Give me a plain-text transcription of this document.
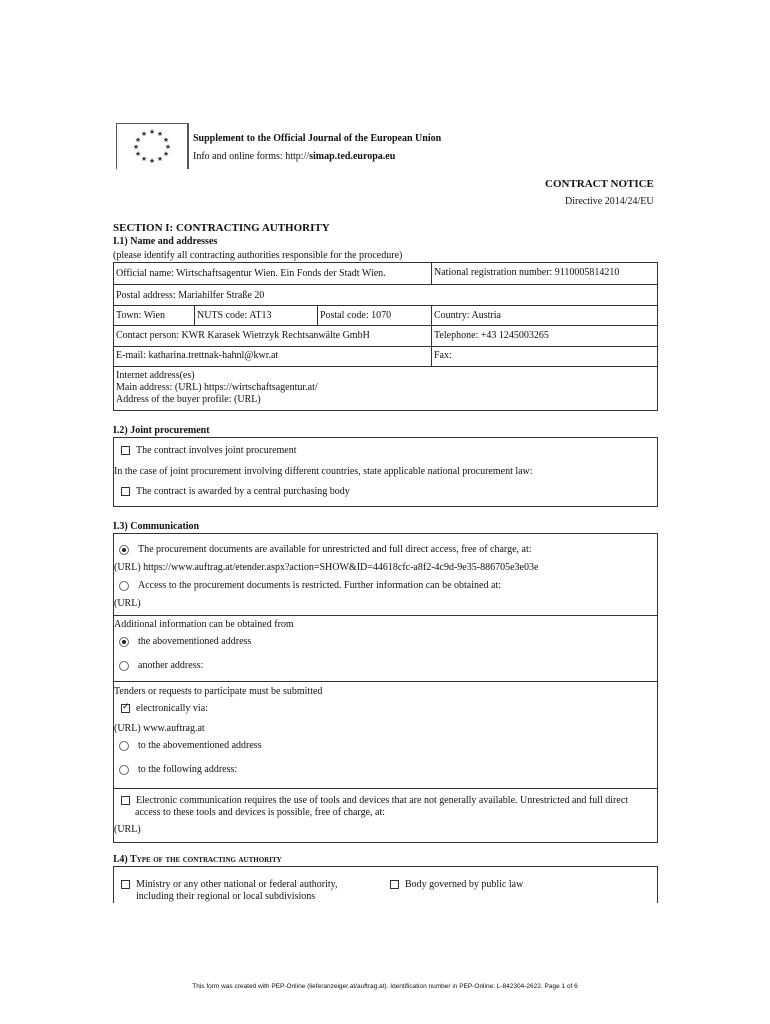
★ ★
★
★
★
★
★
★
★
★
★
★	Supplement to the Official Journal of the European Union
Info and online forms: http://simap.ted.europa.eu
CONTRACT NOTICE
Directive 2014/24/EU
SECTION I: CONTRACTING AUTHORITY
I.1) Name and addresses
(please identify all contracting authorities responsible for the procedure)
Official name: Wirtschaftsagentur Wien. Ein Fonds der Stadt Wien.	National registration number: 9110005814210
Postal address: Mariahilfer Straße 20
Town: Wien	NUTS code: AT13	Postal code: 1070	Country: Austria
Contact person: KWR Karasek Wietrzyk Rechtsanwälte GmbH	Telephone: +43 1245003265
E-mail: katharina.trettnak-hahnl@kwr.at	Fax:
Internet address(es)
Main address: (URL) https://wirtschaftsagentur.at/
Address of the buyer profile: (URL)
I.2) Joint procurement
The contract involves joint procurement
In the case of joint procurement involving different countries, state applicable national procurement law:
The contract is awarded by a central purchasing body
I.3) Communication
The procurement documents are available for unrestricted and full direct access, free of charge, at:
(URL) https://www.auftrag.at/etender.aspx?action=SHOW&ID=44618cfc-a8f2-4c9d-9e35-886705e3e03e
Access to the procurement documents is restricted. Further information can be obtained at:
(URL)
Additional information can be obtained from
the abovementioned address
another address:
Tenders or requests to participate must be submitted
✓electronically via:
(URL) www.auftrag.at
to the abovementioned address
to the following address:
Electronic communication requires the use of tools and devices that are not generally available. Unrestricted and full direct
access to these tools and devices is possible, free of charge, at:
(URL)
I.4) Type of the contracting authority
Ministry or any other national or federal authority,
including their regional or local subdivisions
Body governed by public law
This form was created with PEP-Online (lieferanzeiger.at/auftrag.at). Identification number in PEP-Online: L-842304-2622. Page 1 of 6
